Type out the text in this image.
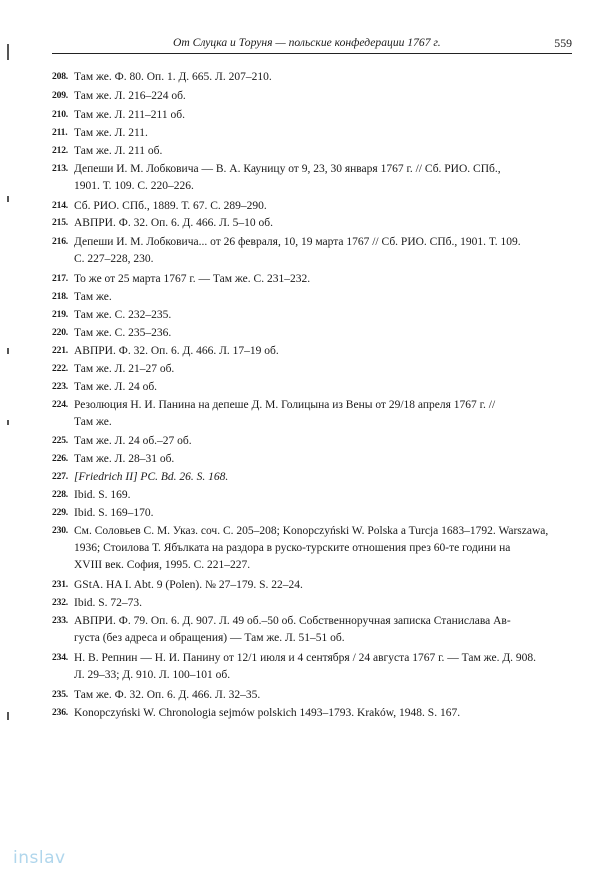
От Слуцка и Торуня — польские конфедерации 1767 г.	559
208. Там же. Ф. 80. Оп. 1. Д. 665. Л. 207–210.
209. Там же. Л. 216–224 об.
210. Там же. Л. 211–211 об.
211. Там же. Л. 211.
212. Там же. Л. 211 об.
213. Депеши И. М. Лобковича — В. А. Кауницу от 9, 23, 30 января 1767 г. // Сб. РИО. СПб.,
1901. Т. 109. С. 220–226.
214. Сб. РИО. СПб., 1889. Т. 67. С. 289–290.
215. АВПРИ. Ф. 32. Оп. 6. Д. 466. Л. 5–10 об.
216. Депеши И. М. Лобковича... от 26 февраля, 10, 19 марта 1767 // Сб. РИО. СПб., 1901. Т. 109.
С. 227–228, 230.
217. То же от 25 марта 1767 г. — Там же. С. 231–232.
218. Там же.
219. Там же. С. 232–235.
220. Там же. С. 235–236.
221. АВПРИ. Ф. 32. Оп. 6. Д. 466. Л. 17–19 об.
222. Там же. Л. 21–27 об.
223. Там же. Л. 24 об.
224. Резолюция Н. И. Панина на депеше Д. М. Голицына из Вены от 29/18 апреля 1767 г. //
Там же.
225. Там же. Л. 24 об.–27 об.
226. Там же. Л. 28–31 об.
227. [Friedrich II] PC. Bd. 26. S. 168.
228. Ibid. S. 169.
229. Ibid. S. 169–170.
230. См. Соловьев С. М. Указ. соч. С. 205–208; Konopczyński W. Polska a Turcja 1683–1792. Warszawa,
1936; Стоилова Т. Ябълката на раздора в руско-турските отношения през 60-те години на
XVIII век. София, 1995. С. 221–227.
231. GStA. HA I. Abt. 9 (Polen). № 27–179. S. 22–24.
232. Ibid. S. 72–73.
233. АВПРИ. Ф. 79. Оп. 6. Д. 907. Л. 49 об.–50 об. Собственноручная записка Станислава Ав-
густа (без адреса и обращения) — Там же. Л. 51–51 об.
234. Н. В. Репнин — Н. И. Панину от 12/1 июля и 4 сентября / 24 августа 1767 г. — Там же. Д. 908.
Л. 29–33; Д. 910. Л. 100–101 об.
235. Там же. Ф. 32. Оп. 6. Д. 466. Л. 32–35.
236. Konopczyński W. Chronologia sejmów polskich 1493–1793. Kraków, 1948. S. 167.
inslav
